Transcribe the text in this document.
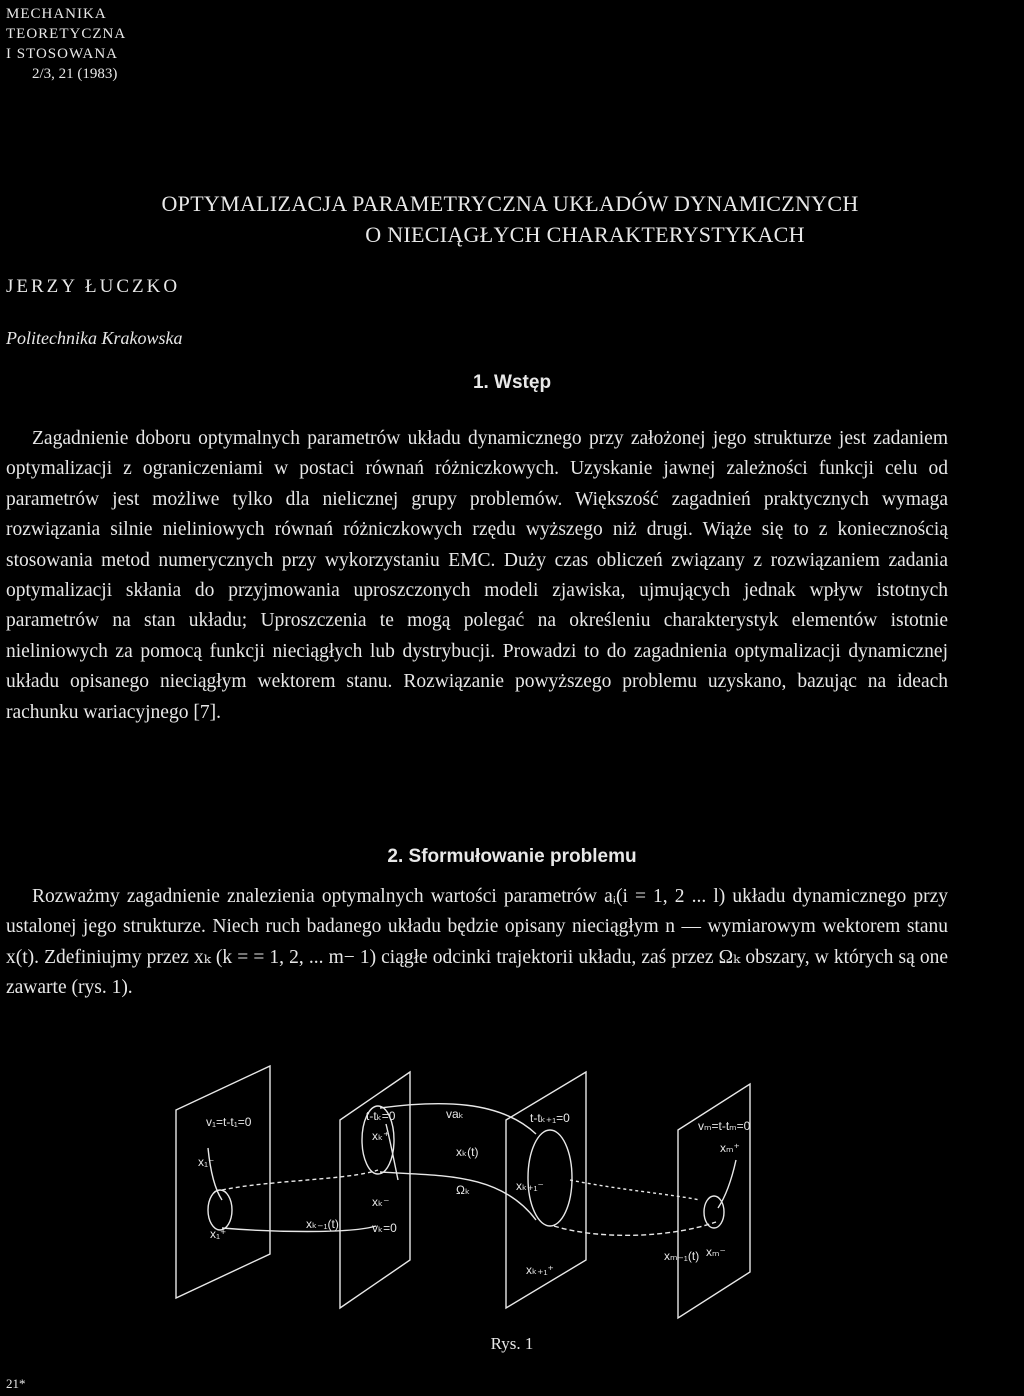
MECHANIKA
TEORETYCZNA
I STOSOWANA
2/3, 21 (1983)
OPTYMALIZACJA PARAMETRYCZNA UKŁADÓW DYNAMICZNYCH
O NIECIĄGŁYCH CHARAKTERYSTYKACH
JERZY ŁUCZKO
Politechnika Krakowska
1. Wstęp

Zagadnienie doboru optymalnych parametrów układu dynamicznego przy założonej jego strukturze jest zadaniem optymalizacji z ograniczeniami w postaci równań różniczkowych. Uzyskanie jawnej zależności funkcji celu od parametrów jest możliwe tylko dla nielicznej grupy problemów. Większość zagadnień praktycznych wymaga rozwiązania silnie nieliniowych równań różniczkowych rzędu wyższego niż drugi. Wiąże się to z koniecznością stosowania metod numerycznych przy wykorzystaniu EMC. Duży czas obliczeń związany z rozwiązaniem zadania optymalizacji skłania do przyjmowania uproszczonych modeli zjawiska, ujmujących jednak wpływ istotnych parametrów na stan układu; Uproszczenia te mogą polegać na określeniu charakterystyk elementów istotnie nieliniowych za pomocą funkcji nieciągłych lub dystrybucji. Prowadzi to do zagadnienia optymalizacji dynamicznej układu opisanego nieciągłym wektorem stanu. Rozwiązanie powyższego problemu uzyskano, bazując na ideach rachunku wariacyjnego [7].

2. Sformułowanie problemu

Rozważmy zagadnienie znalezienia optymalnych wartości parametrów aᵢ(i = 1, 2 ... l) układu dynamicznego przy ustalonej jego strukturze. Niech ruch badanego układu będzie opisany nieciągłym n — wymiarowym wektorem stanu x(t). Zdefiniujmy przez xₖ (k = = 1, 2, ... m− 1) ciągłe odcinki trajektorii układu, zaś przez Ωₖ obszary, w których są one zawarte (rys. 1).

v₁=t-t₁=0
x₁⁻
x₁⁺
xₖ₋₁(t)
t-tₖ=0
xₖ⁺
vaₖ
xₖ(t)
Ωₖ
xₖ⁻
vₖ=0
t-tₖ₊₁=0
xₖ₊₁⁻
xₖ₊₁⁺
vₘ=t-tₘ=0
xₘ⁺
xₘ₋₁(t) xₘ⁻
Rys. 1
21*
